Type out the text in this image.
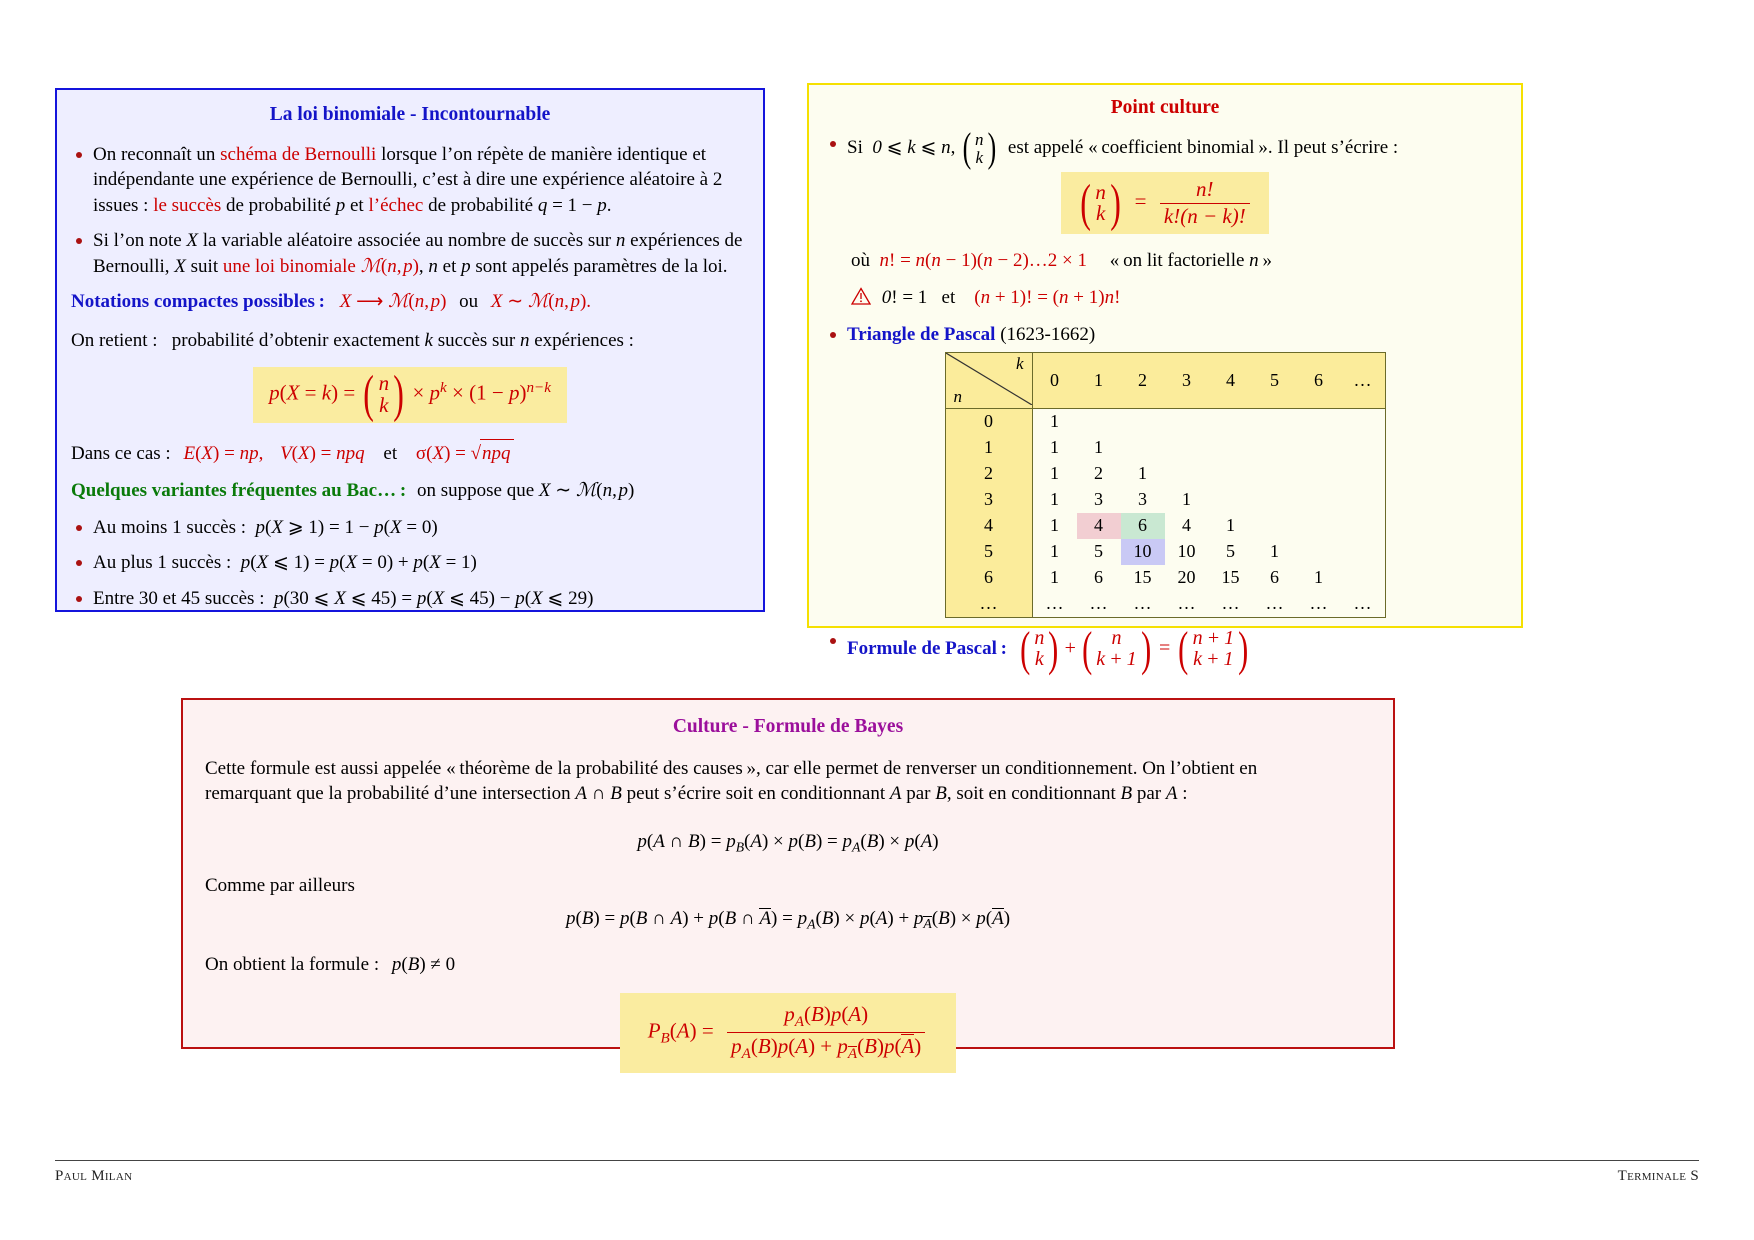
La loi binomiale - Incontournable
On reconnaît un schéma de Bernoulli lorsque l’on répète de manière identique et indépendante une expérience de Bernoulli, c’est à dire une expérience aléatoire à 2 issues : le succès de probabilité p et l’échec de probabilité q = 1 − p.
Si l’on note X la variable aléatoire associée au nombre de succès sur n expériences de Bernoulli, X suit une loi binomiale ℳ(n, p), n et p sont appelés paramètres de la loi.
Notations compactes possibles : X ⟶ ℳ(n, p) ou X ∼ ℳ(n, p).
On retient :   probabilité d’obtenir exactement k succès sur n expériences :
p(X = k) = ( n
k ) × $p^k \times (1 - p)^{n-k}$
Dans ce cas : E(X) = np, V(X) = npq et σ(X) = √npq
Quelques variantes fréquentes au Bac… : on suppose que X ∼ ℳ(n, p)
Au moins 1 succès :  p(X ⩾ 1) = 1 − p(X = 0)
Au plus 1 succès :  p(X ⩽ 1) = p(X = 0) + p(X = 1)
Entre 30 et 45 succès :  p(30 ⩽ X ⩽ 45) = p(X ⩽ 45) − p(X ⩽ 29)
Point culture
Si  0 ⩽ k ⩽ n, ( n
k ) est appelé « coefficient binomial ». Il peut s’écrire :
( n
k ) = $\frac{n!}{k!(n - k)!}$
où  n! = n(n − 1)(n − 2)…2 × 1 « on lit factorielle n »
0! = 1   et    (n + 1)! = (n + 1)n!
Triangle de Pascal (1623-1662)
k
n	0	1	2	3	4	5	6	…
0	1							
1	1	1						
2	1	2	1					
3	1	3	3	1				
4	1	4	6	4	1			
5	1	5	10	10	5	1		
6	1	6	15	20	15	6	1	
…	…	…	…	…	…	…	…	…
Formule de Pascal  : ( n
k ) + ( n
k + 1 ) = ( n + 1
k + 1 )
Culture - Formule de Bayes
Cette formule est aussi appelée « théorème de la probabilité des causes », car elle permet de renverser un conditionnement. On l’obtient en
remarquant que la probabilité d’une intersection A ∩ B peut s’écrire soit en conditionnant A par B, soit en conditionnant B par A :
p(A ∩ $B) = p_B(A) \times p(B) = p_A(B) \times p(A)$
Comme par ailleurs
p(B) = p(B ∩ A) + p(B ∩ $A) = p_A(B) \times p(A) + p_A(B) \times p(A)$
On obtient la formule : p(B) ≠ 0
$P_B(A) = \frac{p_A(B)p(A)}{p_A(B)p(A) + p_A(B)p(A)}$
Paul Milan	Terminale S
